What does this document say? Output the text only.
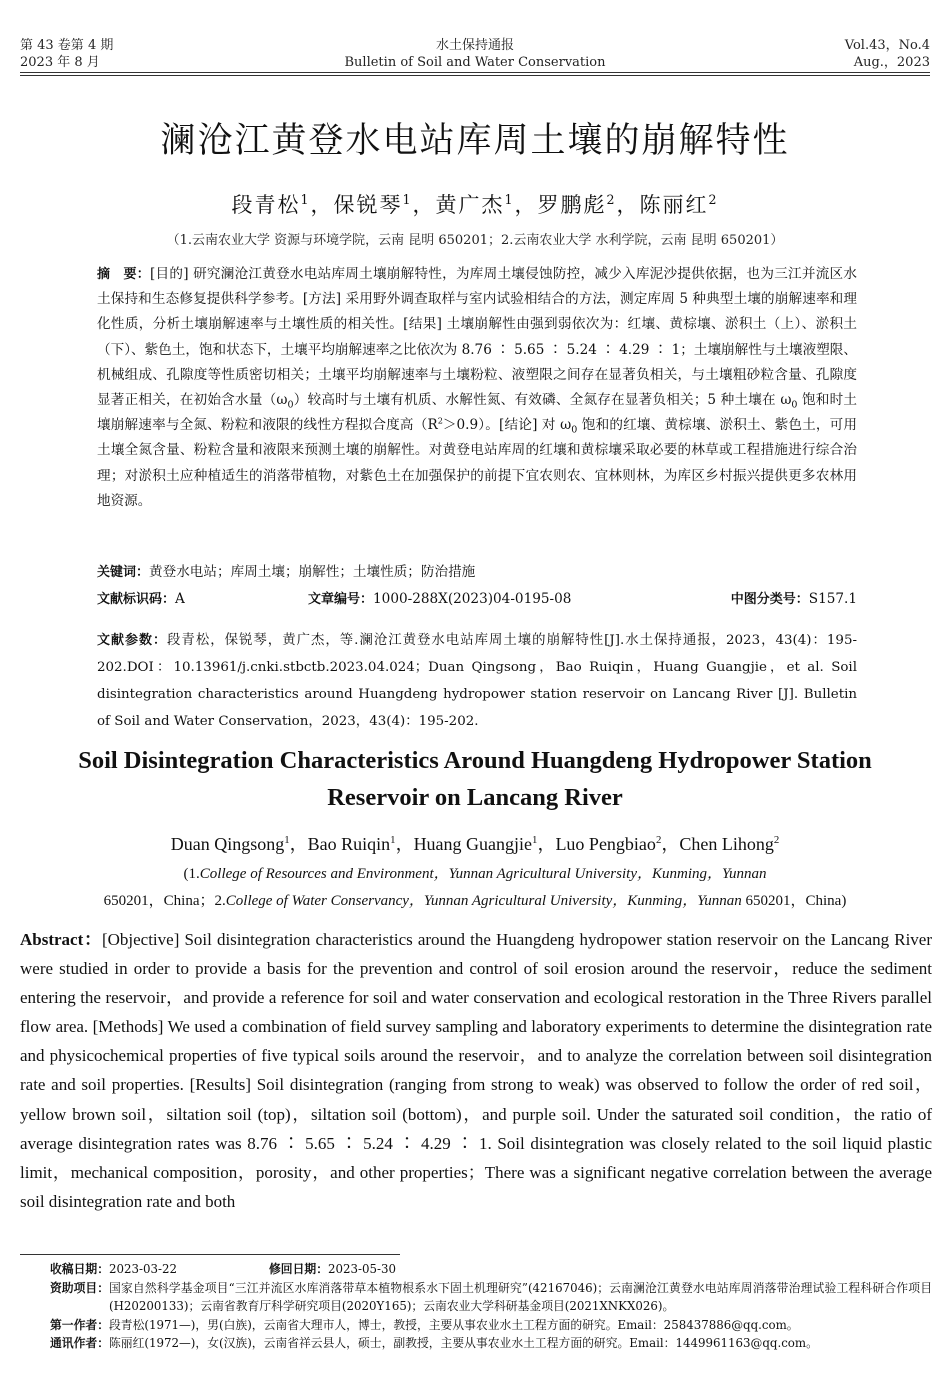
第 43 卷第 4 期
2023 年 8 月
水土保持通报
Bulletin of Soil and Water Conservation
Vol.43，No.4
Aug.，2023
澜沧江黄登水电站库周土壤的崩解特性
段青松$^1$，保锐琴$^1$，黄广杰$^1$，罗鹏彪$^2$，陈丽红$^2$
（1.云南农业大学 资源与环境学院，云南 昆明 650201；2.云南农业大学 水利学院，云南 昆明 650201）
摘　要：[目的] 研究澜沧江黄登水电站库周土壤崩解特性，为库周土壤侵蚀防控，减少入库泥沙提供依据，也为三江并流区水土保持和生态修复提供科学参考。[方法] 采用野外调查取样与室内试验相结合的方法，测定库周 5 种典型土壤的崩解速率和理化性质，分析土壤崩解速率与土壤性质的相关性。[结果] 土壤崩解性由强到弱依次为：红壤、黄棕壤、淤积土（上）、淤积土（下）、紫色土，饱和状态下，土壤平均崩解速率之比依次为 8.76 ∶ 5.65 ∶ 5.24 ∶ 4.29 ∶ 1；土壤崩解性与土壤液塑限、机械组成、孔隙度等性质密切相关；土壤平均崩解速率与土壤粉粒、液塑限之间存在显著负相关，与土壤粗砂粒含量、孔隙度显著正相关，在初始含水量$(\omega_0)$较高时与土壤有机质、水解性氮、有效磷、全氮存在显著负相关；5 种土壤在 $\omega_0$ 饱和时土壤崩解速率与全氮、粉粒和液限的线性方程拟合度高$(R^2>0.9)$。[结论] 对 $\omega_0$ 饱和的红壤、黄棕壤、淤积土、紫色土，可用土壤全氮含量、粉粒含量和液限来预测土壤的崩解性。对黄登电站库周的红壤和黄棕壤采取必要的林草或工程措施进行综合治理；对淤积土应种植适生的消落带植物，对紫色土在加强保护的前提下宜农则农、宜林则林，为库区乡村振兴提供更多农林用地资源。
关键词：黄登水电站；库周土壤；崩解性；土壤性质；防治措施
文献标识码：A	文章编号：1000-288X(2023)04-0195-08	中图分类号：S157.1
文献参数：段青松，保锐琴，黄广杰，等.澜沧江黄登水电站库周土壤的崩解特性[J].水土保持通报，2023，43(4)：195-202.DOI：10.13961/j.cnki.stbctb.2023.04.024；Duan Qingsong，Bao Ruiqin，Huang Guangjie，et al. Soil disintegration characteristics around Huangdeng hydropower station reservoir on Lancang River [J]. Bulletin of Soil and Water Conservation，2023，43(4)：195-202.
Soil Disintegration Characteristics Around Huangdeng Hydropower Station Reservoir on Lancang River
Duan Qingsong$^1$，Bao Ruiqin$^1$，Huang Guangjie$^1$，Luo Pengbiao$^2$，Chen Lihong$^2$
(1.College of Resources and Environment，Yunnan Agricultural University，Kunming，Yunnan
650201，China；2.College of Water Conservancy，Yunnan Agricultural University，Kunming，Yunnan 650201，China)
Abstract：[Objective] Soil disintegration characteristics around the Huangdeng hydropower station reservoir on the Lancang River were studied in order to provide a basis for the prevention and control of soil erosion around the reservoir，reduce the sediment entering the reservoir，and provide a reference for soil and water conservation and ecological restoration in the Three Rivers parallel flow area. [Methods] We used a combination of field survey sampling and laboratory experiments to determine the disintegration rate and physicochemical properties of five typical soils around the reservoir，and to analyze the correlation between soil disintegration rate and soil properties. [Results] Soil disintegration (ranging from strong to weak) was observed to follow the order of red soil，yellow brown soil，siltation soil (top)，siltation soil (bottom)，and purple soil. Under the saturated soil condition，the ratio of average disintegration rates was 8.76 ∶ 5.65 ∶ 5.24 ∶ 4.29 ∶ 1. Soil disintegration was closely related to the soil liquid plastic limit，mechanical composition，porosity，and other properties；There was a significant negative correlation between the average soil disintegration rate and both
收稿日期： 2023-03-22	修回日期： 2023-05-30
资助项目： 国家自然科学基金项目“三江并流区水库消落带草本植物根系水下固土机理研究”(42167046)；云南澜沧江黄登水电站库周消落带治理试验工程科研合作项目(H20200133)；云南省教育厅科学研究项目(2020Y165)；云南农业大学科研基金项目(2021XNKX026)。
第一作者： 段青松(1971—)，男(白族)，云南省大理市人，博士，教授，主要从事农业水土工程方面的研究。Email：258437886@qq.com。
通讯作者： 陈丽红(1972—)，女(汉族)，云南省祥云县人，硕士，副教授，主要从事农业水土工程方面的研究。Email：1449961163@qq.com。
